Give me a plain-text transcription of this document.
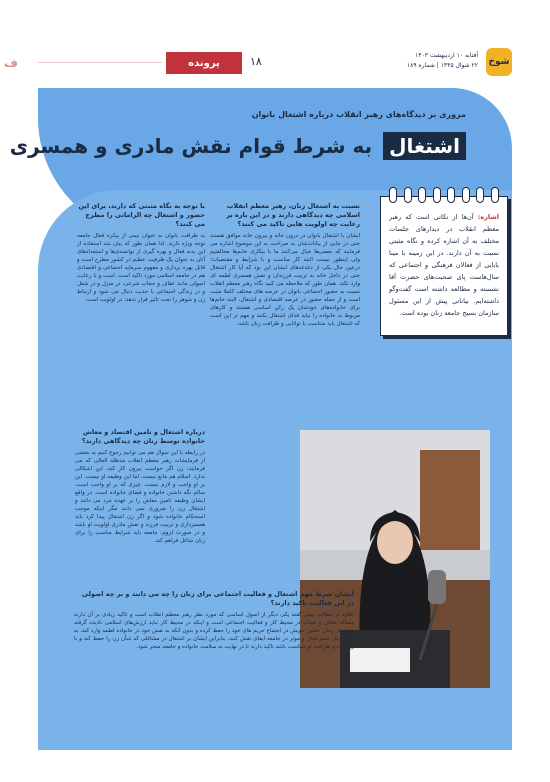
ف	پرونده	۱۸	آفتابه ۱۰ اردیبهشت ۱۴۰۳
۲۲ شوال ۱۴۴۵ | شماره ۱۸۹ شوخ
مروری بر دیدگاه‌های رهبر انقلاب درباره اشتغال بانوان
اشتغال به شرط قوام نقش مادری و همسری
اشاره: آن‌ها از نکاتی است که رهبر معظم انقلاب در دیدارهای جلسات مختلف به آن اشاره کرده و نگاه مثبتی نسبت به آن دارند. در این زمینه با مینا بابایی از فعالان فرهنگی و اجتماعی که سال‌هاست پای صحبت‌های حضرت آقا نشسته و مطالعه داشته است گفت‌وگو داشته‌ایم. بیاناتی پیش از این مسئول سازمان بسیج جامعه زنان بوده است.
نسبت به اشتغال زنان، رهبر معظم انقلاب اسلامی چه دیدگاهی دارند و در این باره بر رعایت چه اولویت هایی تاکید می کنند؟
ایشان با اشتغال بانوان در درون خانه و بیرون خانه موافق هستند حتی در جایی از بیانات‌شان به صراحت به این موضوع اشاره می فرمایند که بعضی‌ها خیال می‌کنند ما با بیکاری خانم‌ها مخالفتیم ولی اینطور نیست البته کار مناسب و با شرایط و مقتضیات؛ درعین حال یکی از دغدغه‌های ایشان این بود که آیا کار اشتغال حتی در داخل خانه به تربیت فرزندان و نقش همسری لطمه ای وارد نکند. همان طور که ملاحظه می کنید نگاه رهبر معظم انقلاب نسبت به حضور اجتماعی بانوان در عرصه های مختلف کاملا مثبت است و از جمله حضور در عرصه اقتصادی و اشتغال، البته خانم‌ها برای خانواده‌های خودشان یک رکن اساسی هستند و کارهای مربوط به خانواده را نباید فدای اشتغال بکنند و مهم تر این است که اشتغال باید متناسب با توانایی و ظرافت زنان باشد.
با توجه به نگاه مثبتی که دارند، برای این حضور و اشتغال چه الزاماتی را مطرح می کنند؟
به ظرافت بانوان به عنوان نیمی از پیکره فعال جامعه توجه ویژه دارند. لذا همان طور که بیان شد استفاده از این بدنه فعال و بهره گیری از توانمندی‌ها و استعدادهای آنان به عنوان یک ظرفیت عظیم در کشور مطرح است و قابل بهره برداری و مفهوم سرمایه اجتماعی و اقتصادی هم در جامعه اسلامی مورد تاکید است. است و با رعایت اصولی مانند عفاف و حجاب شرعی، در منزل و در شغل و در زندگی اجتماعی با جدیت دنبال می شود و ارتباط زن و شوهر را تحت تاثیر قرار ندهد، در اولویت است.
درباره اشتغال و تامین اقتصاد و معاش خانواده توسط زنان چه دیدگاهی دارند؟
در رابطه با این سوال هم می توانیم رجوع کنیم به بخشی از فرمایشات رهبر معظم انقلاب مدظله العالی که می فرمایند: زن اگر خواست بیرون کار کند، این اشکالی ندارد. اسلام هم مانع نیست. اما این وظیفه او نیست. این بر او واجب و لازم نیست. چیزی که بر او واجب است، سالم نگه داشتن خانواده و فضای خانواده است. در واقع ایشان وظیفه تامین معاش را بر عهده مرد می دانند و اشتغال زن را ضروری نمی دانند مگر اینکه موجب استحکام خانواده شود و اگر زن اشتغال پیدا کرد باید همسرداری و تربیت فرزند و نقش مادری اولویت او باشد و در صورت لزوم، جامعه باید شرایط مناسب را برای زنان شاغل فراهم کند.
ایشان شرط مهم اشتغال و فعالیت اجتماعی برای زنان را چه می دانند و بر چه اصولی در این فعالیت تاکید دارند؟
علاوه بر مطالب پیش گفته یکی دیگر از اصول اساسی که مورد نظر رهبر معظم انقلاب است و تاکید زیادی بر آن دارند مساله عفاف و حجاب در محیط کار و فعالیت اجتماعی است و اینکه در محیط کار نباید ارزش‌های اسلامی نادیده گرفته شود. در زمان حضور خویش در اجتماع حریم های خود را حفظ کرده و بدون آنکه به نقش خود در خانواده لطمه وارد کند، به عنوان یک عضو فعال و موثر در جامعه ایفای نقش کنند. بنابراین ایشان بر اشتغال در مشاغلی که شأن زن را حفظ کند و با روحیات و ظرافت او متناسب باشد تاکید دارند تا در نهایت به سلامت خانواده و جامعه منجر شود.
